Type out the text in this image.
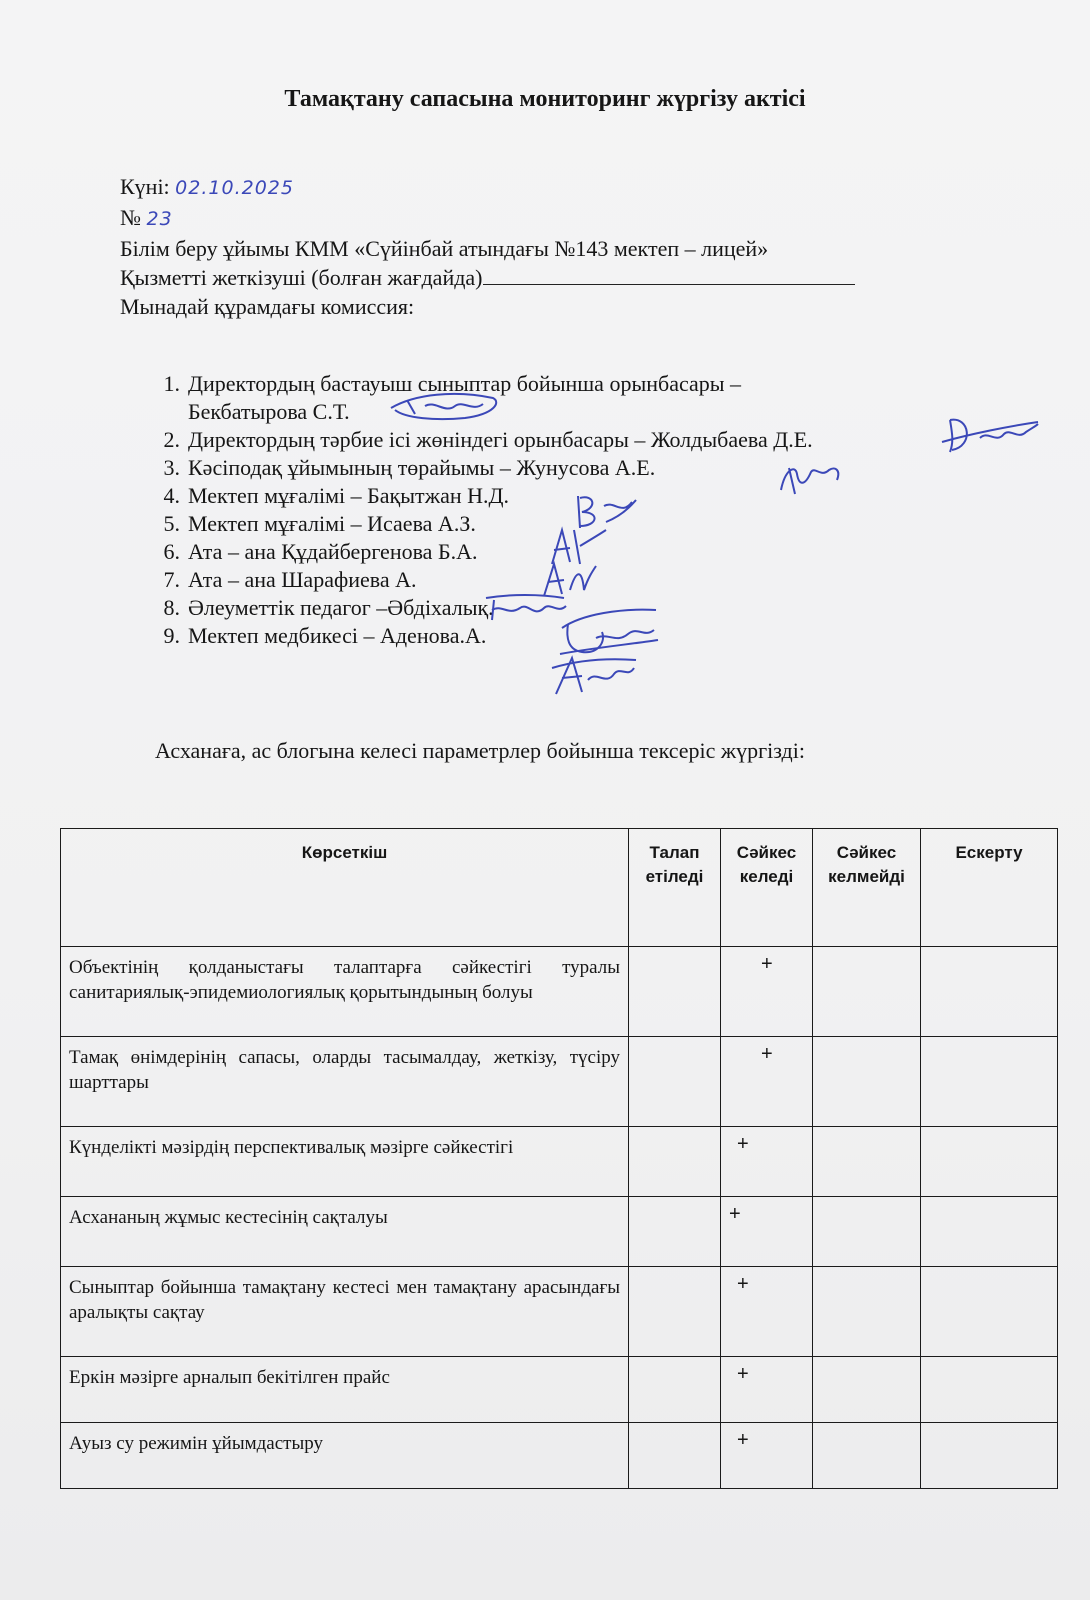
Тамақтану сапасына мониторинг жүргізу актісі
Күні: 02.10.2025
№ 23
Білім беру ұйымы КММ «Сүйінбай атындағы №143 мектеп – лицей»
Қызметті жеткізуші (болған жағдайда)
Мынадай құрамдағы комиссия:
1. Директордың бастауыш сыныптар бойынша орынбасары –
Бекбатырова С.Т.
2. Директордың тәрбие ісі жөніндегі орынбасары – Жолдыбаева Д.Е.
3. Кәсіподақ ұйымының төрайымы – Жунусова А.Е.
4. Мектеп мұғалімі – Бақытжан Н.Д.
5. Мектеп мұғалімі – Исаева А.З.
6. Ата – ана Құдайбергенова Б.А.
7. Ата – ана Шарафиева А.
8. Әлеуметтік педагог –Әбдіхалық.
9. Мектеп медбикесі – Аденова.А.
Асханаға, ас блогына келесі параметрлер бойынша тексеріс жүргізді:
Көрсеткіш	Талап етіледі	Сәйкес келеді	Сәйкес келмейді	Ескерту
Объектінің қолданыстағы талаптарға сәйкестігі туралы санитариялық-эпидемиологиялық қорытындының болуы		+		
Тамақ өнімдерінің сапасы, оларды тасымалдау, жеткізу, түсіру шарттары		+		
Күнделікті мәзірдің перспективалық мәзірге сәйкестігі		+		
Асхананың жұмыс кестесінің сақталуы		+		
Сыныптар бойынша тамақтану кестесі мен тамақтану арасындағы аралықты сақтау		+		
Еркін мәзірге арналып бекітілген прайс		+		
Ауыз су режимін ұйымдастыру		+		
